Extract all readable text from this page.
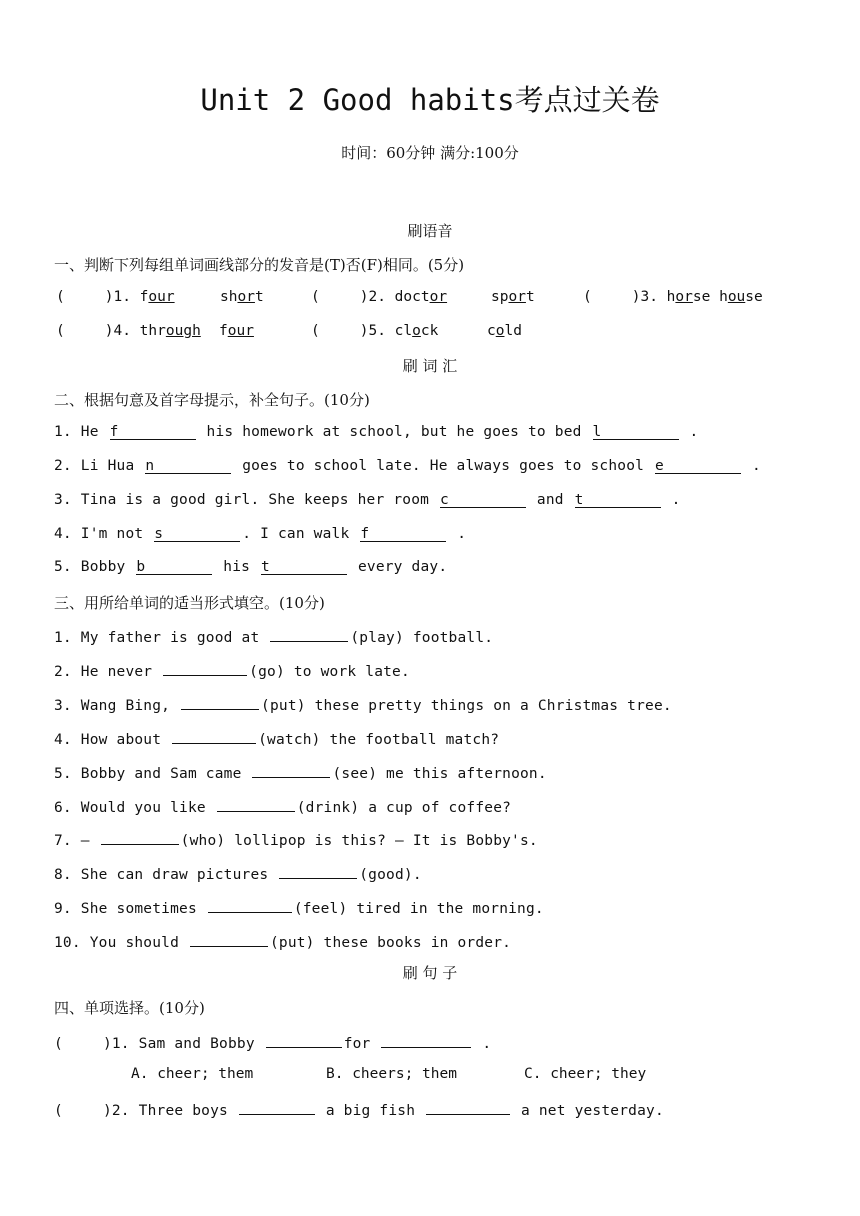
Unit 2 Good habits考点过关卷
时间：60分钟 满分:100分
刷语音
一、判断下列每组单词画线部分的发音是(T)否(F)相同。(5分)
(	)1. four	short	(	)2. doctor	sport	(	)3. horse house
(	)4. through four	(	)5. clock	cold
刷 词 汇
二、根据句意及首字母提示，补全句子。(10分)
1. He f	his homework at school, but he goes to bed l	.
2. Li Hua n	goes to school late. He always goes to school e	.
3. Tina is a good girl. She keeps her room c	and t	.
4. I'm not s	. I can walk f	.
5. Bobby b	his t	every day.
三、用所给单词的适当形式填空。(10分)
1. My father is good at	(play) football.
2. He never	(go) to work late.
3. Wang Bing,	(put) these pretty things on a Christmas tree.
4. How about	(watch) the football match?
5. Bobby and Sam came	(see) me this afternoon.
6. Would you like	(drink) a cup of coffee?
7. —	(who) lollipop is this? — It is Bobby's.
8. She can draw pictures	(good).
9. She sometimes	(feel) tired in the morning.
10. You should	(put) these books in order.
刷 句 子
四、单项选择。(10分)
(	)1. Sam and Bobby	for	.
A. cheer; them	B. cheers; them	C. cheer; they
(	)2. Three boys	a big fish	a net yesterday.
